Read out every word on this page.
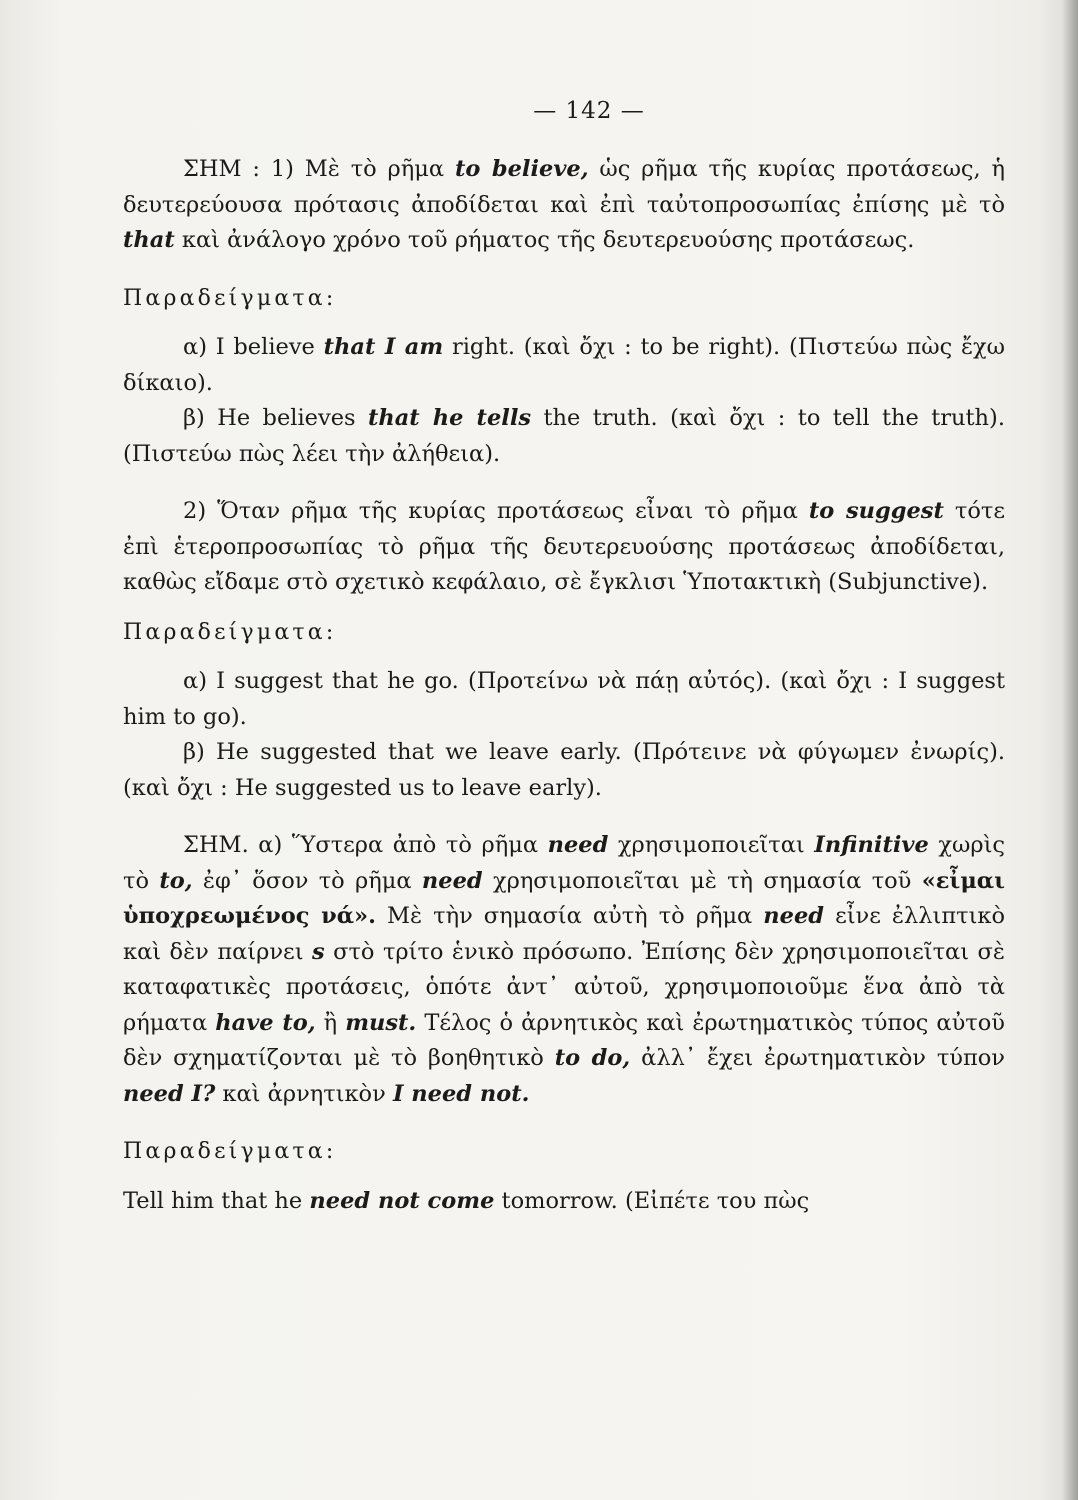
— 142 —

ΣΗΜ : 1) Μὲ τὸ ρῆμα to believe, ὡς ρῆμα τῆς κυρίας προτάσεως, ἡ δευτερεύουσα πρότασις ἀποδίδεται καὶ ἐπὶ ταὐτοπροσωπίας ἐπίσης μὲ τὸ that καὶ ἀνάλογο χρόνο τοῦ ρήματος τῆς δευτερευούσης προτάσεως.

Παραδείγματα:

α) I believe that I am right. (καὶ ὄχι : to be right). (Πιστεύω πὼς ἔχω δίκαιο).

β) He believes that he tells the truth. (καὶ ὄχι : to tell the truth). (Πιστεύω πὼς λέει τὴν ἀλήθεια).

2) Ὅταν ρῆμα τῆς κυρίας προτάσεως εἶναι τὸ ρῆμα to suggest τότε ἐπὶ ἑτεροπροσωπίας τὸ ρῆμα τῆς δευτερευούσης προτάσεως ἀποδίδεται, καθὼς εἴδαμε στὸ σχετικὸ κεφάλαιο, σὲ ἔγκλισι Ὑποτακτικὴ (Subjunctive).

Παραδείγματα:

α) I suggest that he go. (Προτείνω νὰ πάῃ αὐτός). (καὶ ὄχι : I suggest him to go).

β) He suggested that we leave early. (Πρότεινε νὰ φύγωμεν ἐνωρίς). (καὶ ὄχι : He suggested us to leave early).

ΣΗΜ. α) Ὕστερα ἀπὸ τὸ ρῆμα need χρησιμοποιεῖται Infinitive χωρὶς τὸ to, ἐφ᾽ ὅσον τὸ ρῆμα need χρησιμοποιεῖται μὲ τὴ σημασία τοῦ «εἶμαι ὑποχρεωμένος νά». Μὲ τὴν σημασία αὐτὴ τὸ ρῆμα need εἶνε ἐλλιπτικὸ καὶ δὲν παίρνει s στὸ τρίτο ἑνικὸ πρόσωπο. Ἐπίσης δὲν χρησιμοποιεῖται σὲ καταφατικὲς προτάσεις, ὁπότε ἀντ᾽ αὐτοῦ, χρησιμοποιοῦμε ἕνα ἀπὸ τὰ ρήματα have to, ἢ must. Τέλος ὁ ἀρνητικὸς καὶ ἐρωτηματικὸς τύπος αὐτοῦ δὲν σχηματίζονται μὲ τὸ βοηθητικὸ to do, ἀλλ᾽ ἔχει ἐρωτηματικὸν τύπον need I? καὶ ἀρνητικὸν I need not.

Παραδείγματα:

Tell him that he need not come tomorrow. (Εἰπέτε του πὼς
